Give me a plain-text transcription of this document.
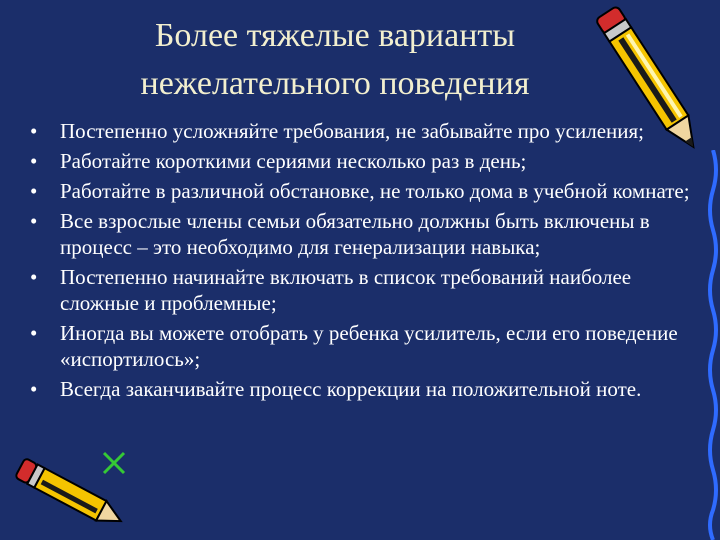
Более тяжелые варианты
нежелательного поведения
•	Постепенно усложняйте требования, не забывайте про усиления;
•	Работайте короткими сериями несколько раз в день;
•	Работайте в различной обстановке, не только дома в учебной комнате;
•	Все взрослые члены семьи обязательно должны быть включены в процесс – это необходимо для генерализации навыка;
•	Постепенно начинайте включать в список требований наиболее сложные и проблемные;
•	Иногда вы можете отобрать у ребенка усилитель, если его поведение «испортилось»;
•	Всегда заканчивайте процесс коррекции на положительной ноте.
